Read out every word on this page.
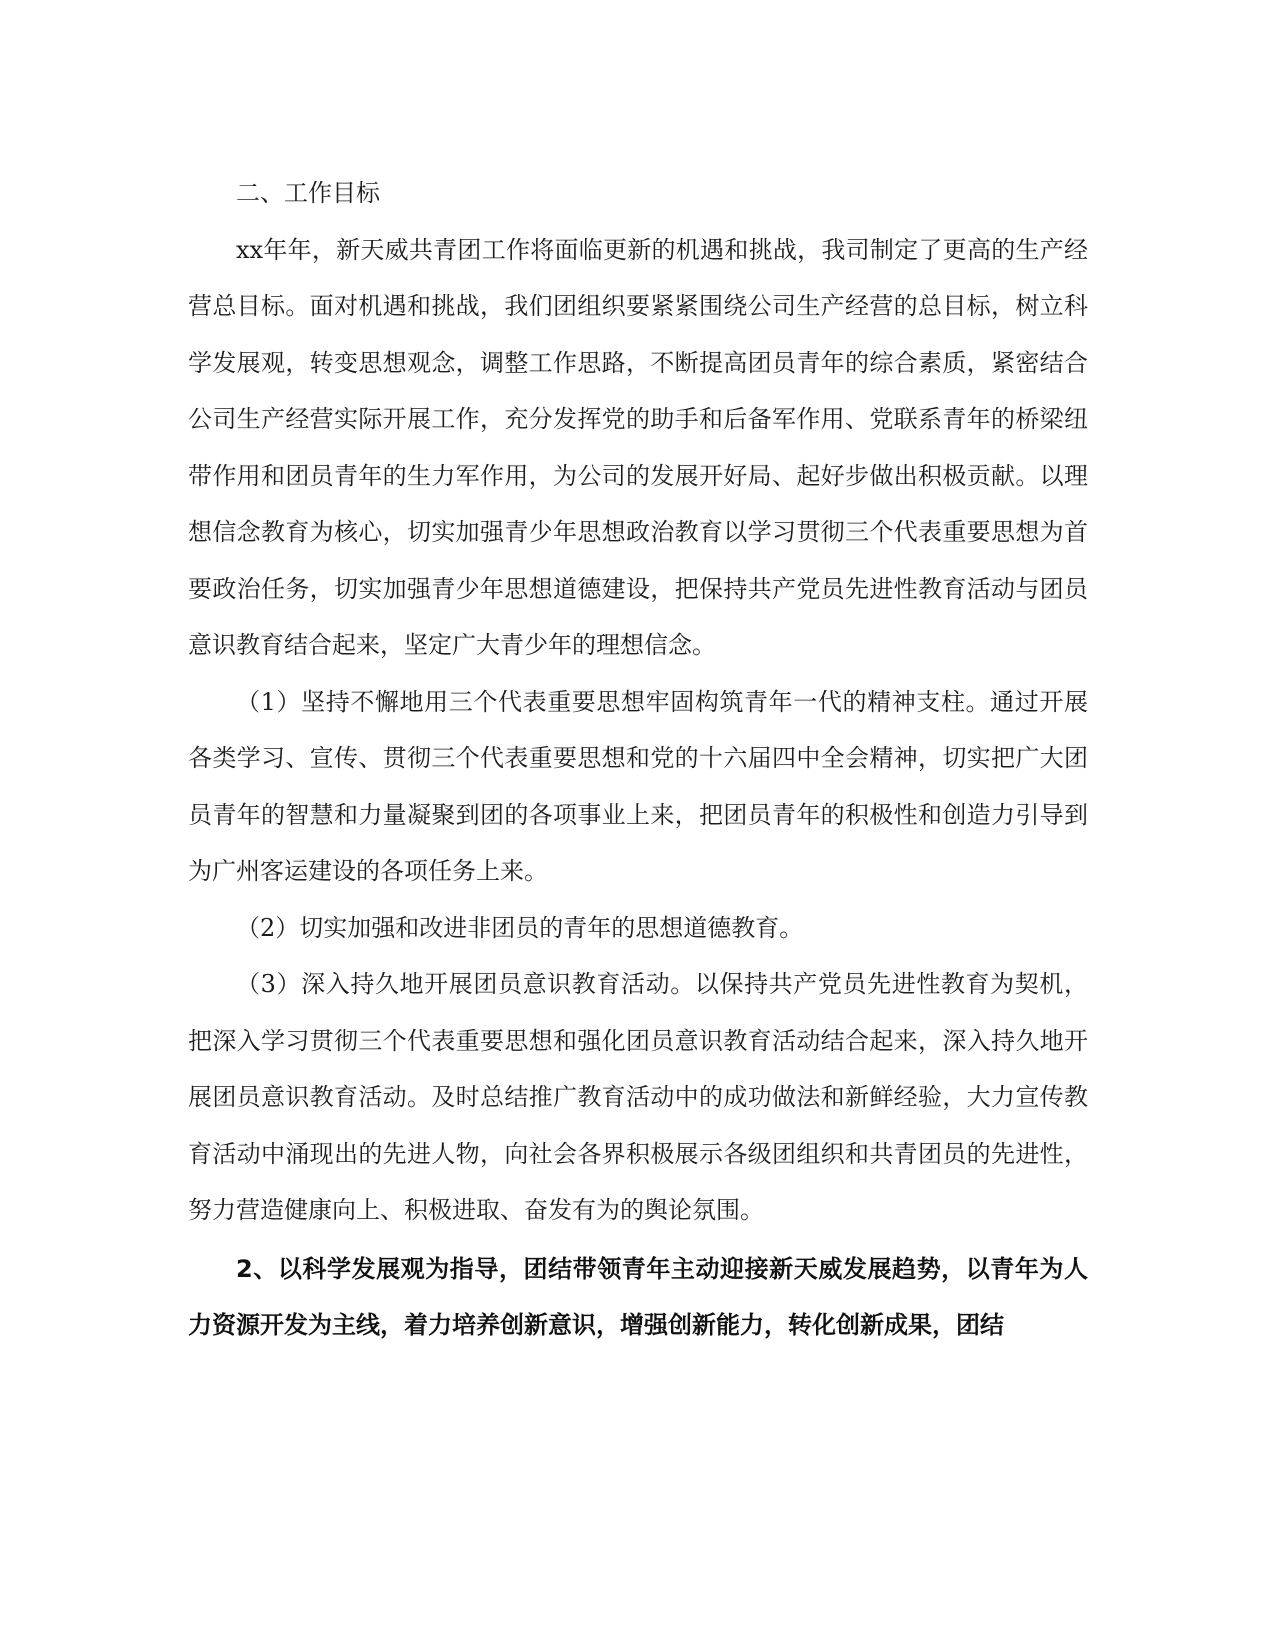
二、工作目标

xx年年，新天威共青团工作将面临更新的机遇和挑战，我司制定了更高的生产经营总目标。面对机遇和挑战，我们团组织要紧紧围绕公司生产经营的总目标，树立科学发展观，转变思想观念，调整工作思路，不断提高团员青年的综合素质，紧密结合公司生产经营实际开展工作，充分发挥党的助手和后备军作用、党联系青年的桥梁纽带作用和团员青年的生力军作用，为公司的发展开好局、起好步做出积极贡献。以理想信念教育为核心，切实加强青少年思想政治教育以学习贯彻三个代表重要思想为首要政治任务，切实加强青少年思想道德建设，把保持共产党员先进性教育活动与团员意识教育结合起来，坚定广大青少年的理想信念。

（1）坚持不懈地用三个代表重要思想牢固构筑青年一代的精神支柱。通过开展各类学习、宣传、贯彻三个代表重要思想和党的十六届四中全会精神，切实把广大团员青年的智慧和力量凝聚到团的各项事业上来，把团员青年的积极性和创造力引导到为广州客运建设的各项任务上来。

（2）切实加强和改进非团员的青年的思想道德教育。

（3）深入持久地开展团员意识教育活动。以保持共产党员先进性教育为契机，把深入学习贯彻三个代表重要思想和强化团员意识教育活动结合起来，深入持久地开展团员意识教育活动。及时总结推广教育活动中的成功做法和新鲜经验，大力宣传教育活动中涌现出的先进人物，向社会各界积极展示各级团组织和共青团员的先进性，努力营造健康向上、积极进取、奋发有为的舆论氛围。

2、以科学发展观为指导，团结带领青年主动迎接新天威发展趋势，以青年为人力资源开发为主线，着力培养创新意识，增强创新能力，转化创新成果，团结
